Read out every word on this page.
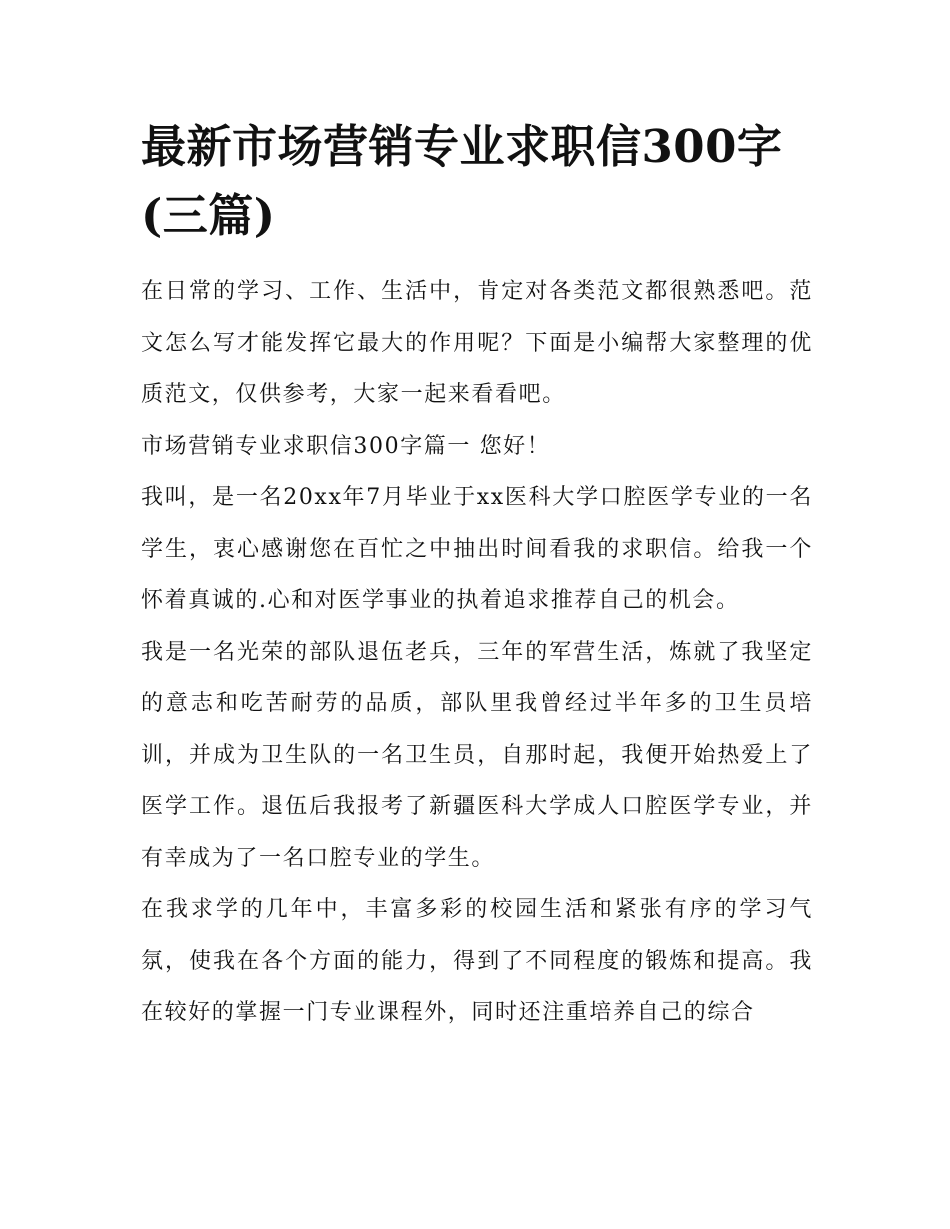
最新市场营销专业求职信300字(三篇)

在日常的学习、工作、生活中，肯定对各类范文都很熟悉吧。范文怎么写才能发挥它最大的作用呢？下面是小编帮大家整理的优质范文，仅供参考，大家一起来看看吧。

市场营销专业求职信300字篇一 您好！

我叫，是一名20xx年7月毕业于xx医科大学口腔医学专业的一名学生，衷心感谢您在百忙之中抽出时间看我的求职信。给我一个怀着真诚的.心和对医学事业的执着追求推荐自己的机会。

我是一名光荣的部队退伍老兵，三年的军营生活，炼就了我坚定的意志和吃苦耐劳的品质，部队里我曾经过半年多的卫生员培训，并成为卫生队的一名卫生员，自那时起，我便开始热爱上了医学工作。退伍后我报考了新疆医科大学成人口腔医学专业，并有幸成为了一名口腔专业的学生。

在我求学的几年中，丰富多彩的校园生活和紧张有序的学习气氛，使我在各个方面的能力，得到了不同程度的锻炼和提高。我在较好的掌握一门专业课程外，同时还注重培养自己的综合
